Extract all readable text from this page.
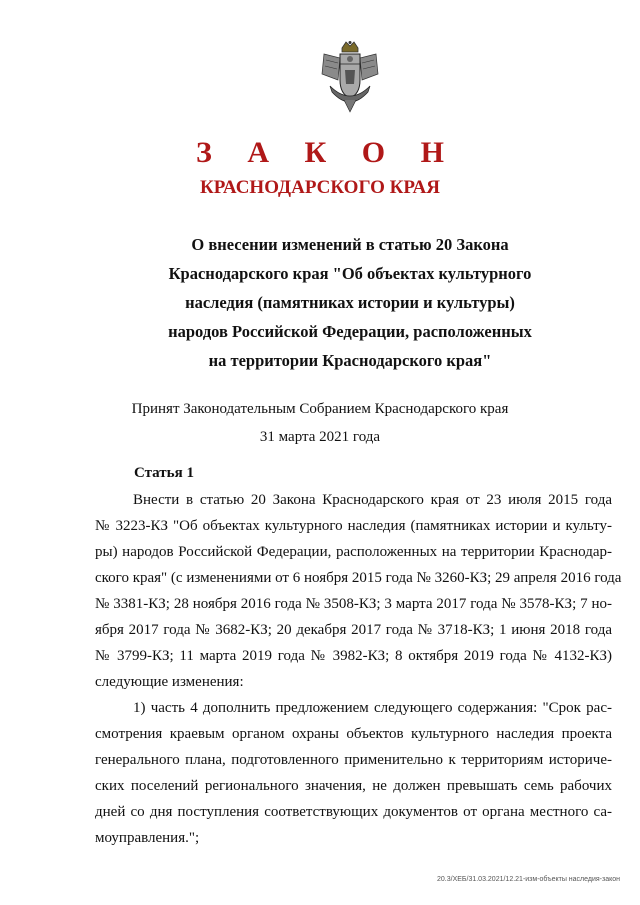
З А К О Н
КРАСНОДАРСКОГО КРАЯ
О внесении изменений в статью 20 Закона
Краснодарского края "Об объектах культурного
наследия (памятниках истории и культуры)
народов Российской Федерации, расположенных
на территории Краснодарского края"
Принят Законодательным Собранием Краснодарского края
31 марта 2021 года
Статья 1
Внести в статью 20 Закона Краснодарского края от 23 июля 2015 года
№ 3223-КЗ "Об объектах культурного наследия (памятниках истории и культу-
ры) народов Российской Федерации, расположенных на территории Краснодар-
ского края" (с изменениями от 6 ноября 2015 года № 3260-КЗ; 29 апреля 2016 года
№ 3381-КЗ; 28 ноября 2016 года № 3508-КЗ; 3 марта 2017 года № 3578-КЗ; 7 но-
ября 2017 года № 3682-КЗ; 20 декабря 2017 года № 3718-КЗ; 1 июня 2018 года
№ 3799-КЗ; 11 марта 2019 года № 3982-КЗ; 8 октября 2019 года № 4132-КЗ)
следующие изменения:
1) часть 4 дополнить предложением следующего содержания: "Срок рас-
смотрения краевым органом охраны объектов культурного наследия проекта
генерального плана, подготовленного применительно к территориям историче-
ских поселений регионального значения, не должен превышать семь рабочих
дней со дня поступления соответствующих документов от органа местного са-
моуправления.";
20.3/ХЕБ/31.03.2021/12.21-изм-объекты наследия-закон
